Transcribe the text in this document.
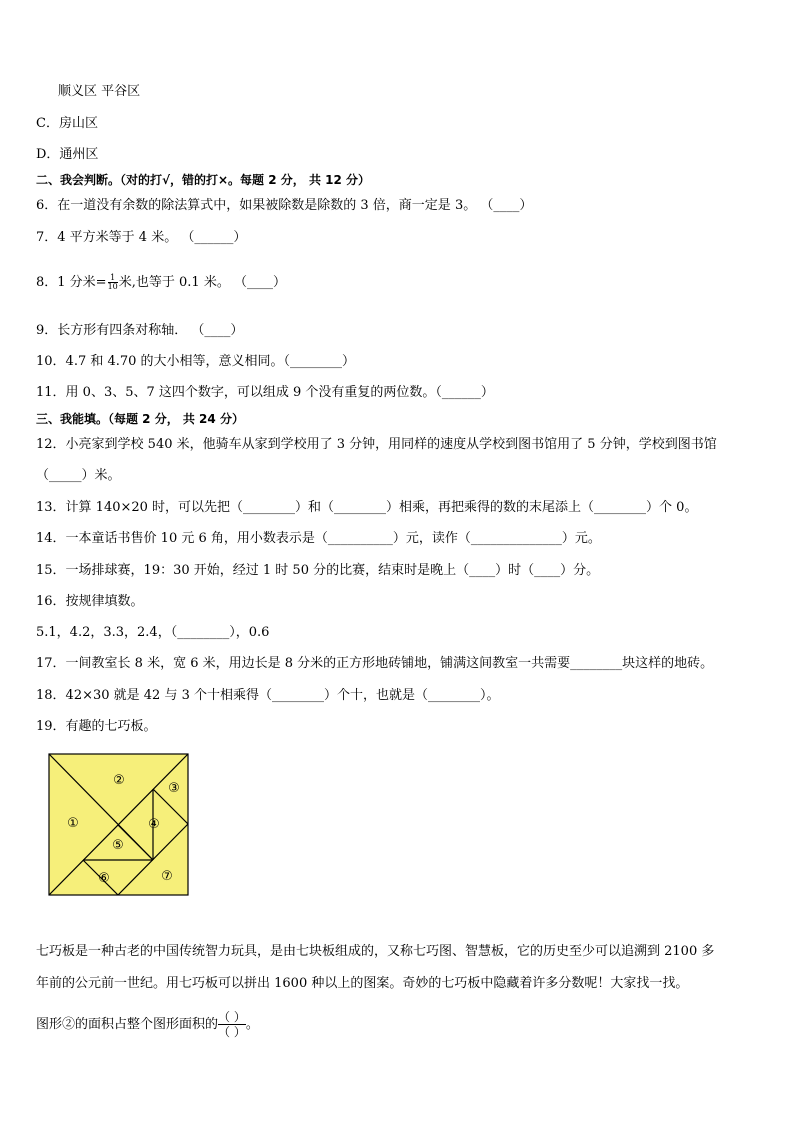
顺义区 平谷区
C．房山区
D．通州区
二、我会判断。（对的打√，错的打×。每题 2 分， 共 12 分）
6．在一道没有余数的除法算式中，如果被除数是除数的 3 倍，商一定是 3。 （____）
7．4 平方米等于 4 米。 （______）
8．1 分米$=\frac{1}{10}$ 米,也等于 0.1 米。 （____）
9．长方形有四条对称轴． （____）
10．4.7 和 4.70 的大小相等，意义相同。（________）
11．用 0、3、5、7 这四个数字，可以组成 9 个没有重复的两位数。（______）
三、我能填。（每题 2 分， 共 24 分）
12．小亮家到学校 540 米，他骑车从家到学校用了 3 分钟，用同样的速度从学校到图书馆用了 5 分钟，学校到图书馆
（_____）米。
13．计算 140×20 时，可以先把（________）和（________）相乘，再把乘得的数的末尾添上（________）个 0。
14．一本童话书售价 10 元 6 角，用小数表示是（__________）元，读作（______________）元。
15．一场排球赛，19：30 开始，经过 1 时 50 分的比赛，结束时是晚上（____）时（____）分。
16．按规律填数。
5.1，4.2，3.3，2.4，（________），0.6
17．一间教室长 8 米，宽 6 米，用边长是 8 分米的正方形地砖铺地，铺满这间教室一共需要________块这样的地砖。
18．42×30 就是 42 与 3 个十相乘得（________）个十，也就是（________）。
19．有趣的七巧板。
②
③
①	④
⑤
⑥	⑦
七巧板是一种古老的中国传统智力玩具，是由七块板组成的，又称七巧图、智慧板，它的历史至少可以追溯到 2100 多
年前的公元前一世纪。用七巧板可以拼出 1600 种以上的图案。奇妙的七巧板中隐藏着许多分数呢！大家找一找。
图形②的面积占整个图形面积的（ ）
（ ） 。
